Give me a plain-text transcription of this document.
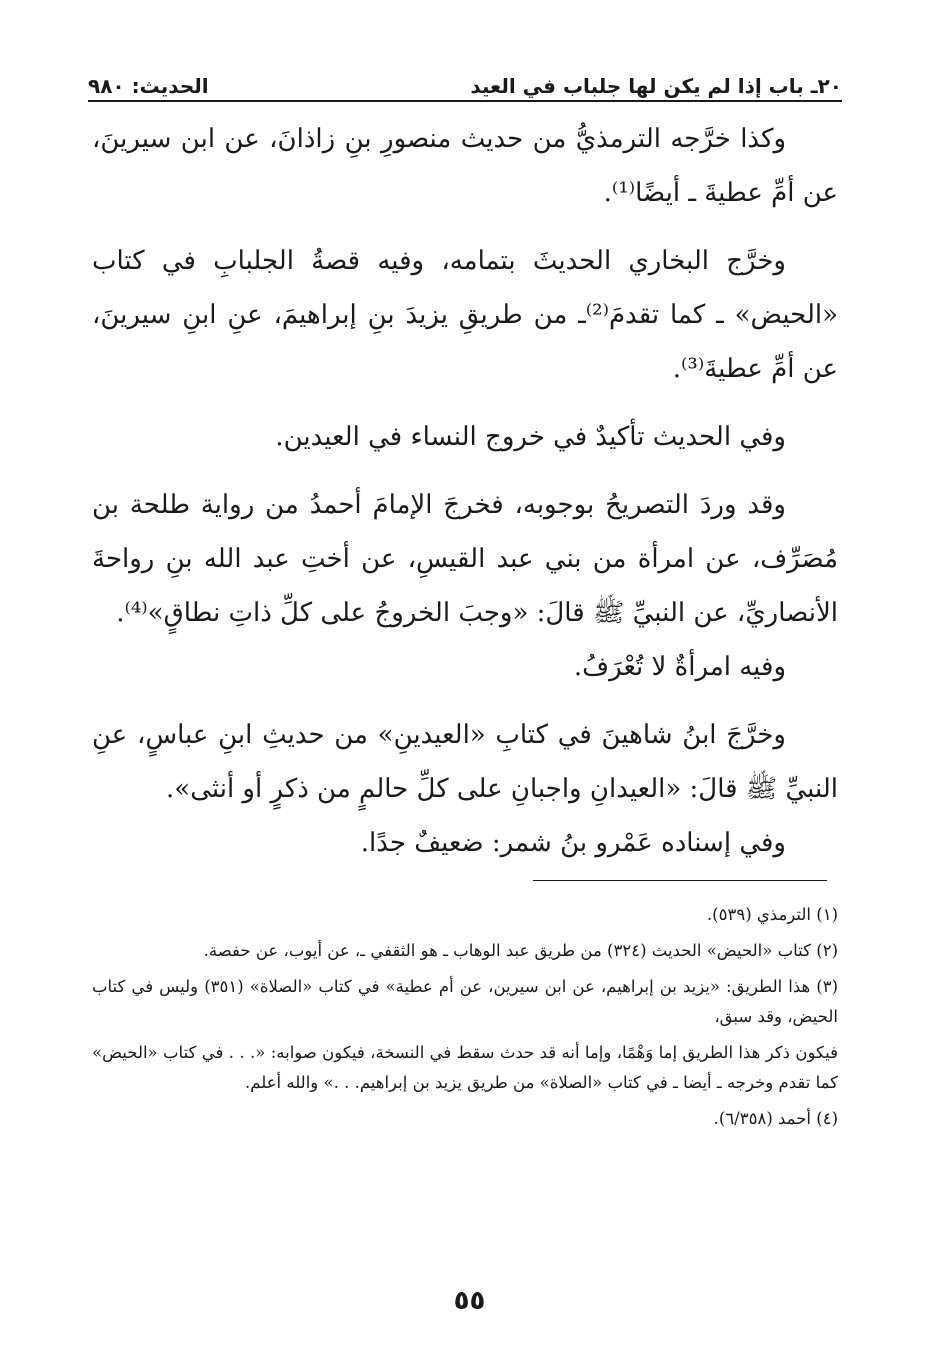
٢٠ـ باب إذا لم يكن لها جلباب في العيد
الحديث: ٩٨٠

وكذا خرَّجه الترمذيُّ من حديث منصورِ بنِ زاذانَ، عن ابن سيرينَ، عن أمِّ عطيةَ ـ أيضًا⁽¹⁾.

وخرَّج البخاري الحديثَ بتمامه، وفيه قصةُ الجلبابِ في كتاب «الحيض» ـ كما تقدمَ⁽²⁾ـ من طريقِ يزيدَ بنِ إبراهيمَ، عنِ ابنِ سيرينَ، عن أمِّ عطيةَ⁽³⁾.

وفي الحديث تأكيدٌ في خروج النساء في العيدين.

وقد وردَ التصريحُ بوجوبه، فخرجَ الإمامَ أحمدُ من رواية طلحة بن مُصَرِّف، عن امرأة من بني عبد القيسِ، عن أختِ عبد الله بنِ رواحةَ الأنصاريِّ، عن النبيِّ ﷺ قالَ: «وجبَ الخروجُ على كلِّ ذاتِ نطاقٍ»⁽⁴⁾.

وفيه امرأةٌ لا تُعْرَفُ.

وخرَّجَ ابنُ شاهينَ في كتابِ «العيدينِ» من حديثِ ابنِ عباسٍ، عنِ النبيِّ ﷺ قالَ: «العيدانِ واجبانِ على كلِّ حالمٍ من ذكرٍ أو أنثى».

وفي إسناده عَمْرو بنُ شمر: ضعيفٌ جدًا.

(١) الترمذي (٥٣٩).

(٢) كتاب «الحيض» الحديث (٣٢٤) من طريق عبد الوهاب ـ هو الثقفي ـ، عن أيوب، عن حفصة.

(٣) هذا الطريق: «يزيد بن إبراهيم، عن ابن سيرين، عن أم عطية» في كتاب «الصلاة» (٣٥١) وليس في كتاب الحيض، وقد سبق،

فيكون ذكر هذا الطريق إما وَهْمًا، وإما أنه قد حدث سقط في النسخة، فيكون صوابه: «. . . في كتاب «الحيض» كما تقدم وخرجه ـ أيضا ـ في كتاب «الصلاة» من طريق يزيد بن إبراهيم. . .» والله أعلم.

(٤) أحمد (٦/٣٥٨).

٥٥
